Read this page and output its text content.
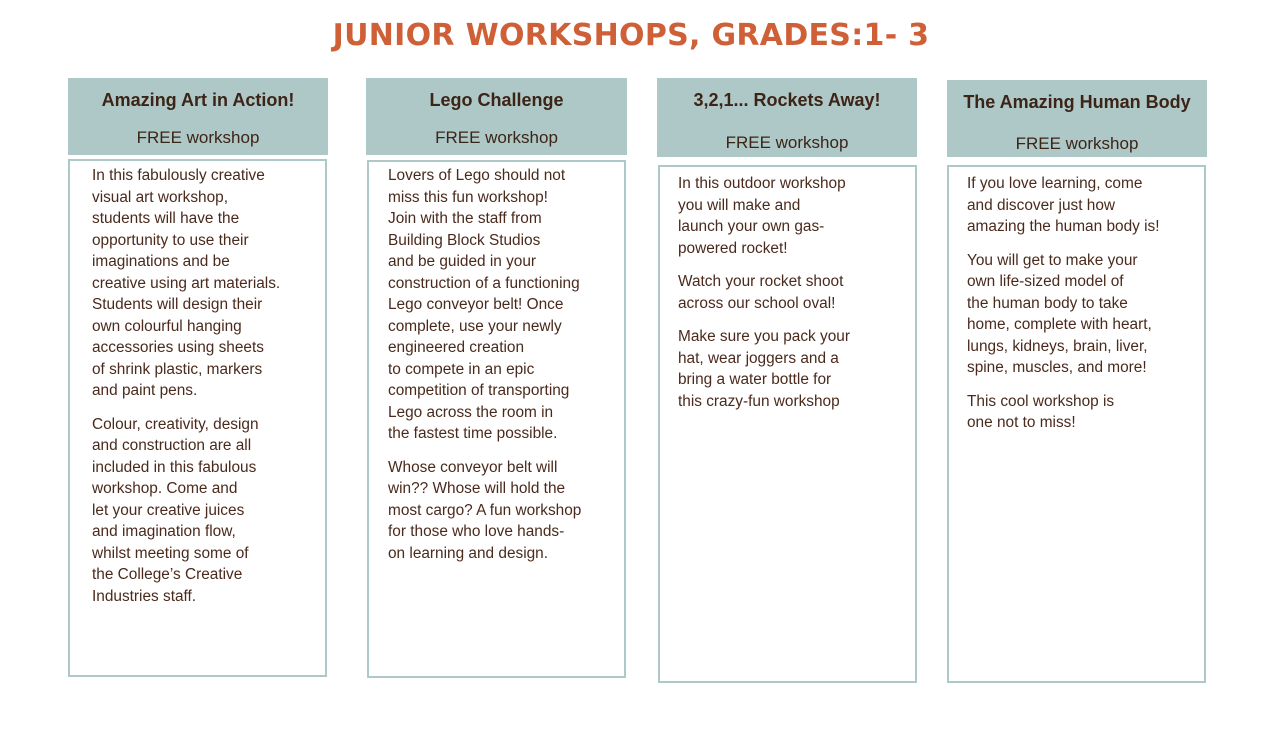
JUNIOR WORKSHOPS, GRADES:1- 3
Amazing Art in Action!
FREE workshop

In this fabulously creative
visual art workshop,
students will have the
opportunity to use their
imaginations and be
creative using art materials.
Students will design their
own colourful hanging
accessories using sheets
of shrink plastic, markers
and paint pens.

Colour, creativity, design
and construction are all
included in this fabulous
workshop. Come and
let your creative juices
and imagination flow,
whilst meeting some of
the College’s Creative
Industries staff.

Lego Challenge
FREE workshop

Lovers of Lego should not
miss this fun workshop!
Join with the staff from
Building Block Studios
and be guided in your
construction of a functioning
Lego conveyor belt! Once
complete, use your newly
engineered creation
to compete in an epic
competition of transporting
Lego across the room in
the fastest time possible.

Whose conveyor belt will
win?? Whose will hold the
most cargo? A fun workshop
for those who love hands-
on learning and design.

3,2,1... Rockets Away!
FREE workshop

In this outdoor workshop
you will make and
launch your own gas-
powered rocket!

Watch your rocket shoot
across our school oval!

Make sure you pack your
hat, wear joggers and a
bring a water bottle for
this crazy-fun workshop

The Amazing Human Body
FREE workshop

If you love learning, come
and discover just how
amazing the human body is!

You will get to make your
own life-sized model of
the human body to take
home, complete with heart,
lungs, kidneys, brain, liver,
spine, muscles, and more!

This cool workshop is
one not to miss!
